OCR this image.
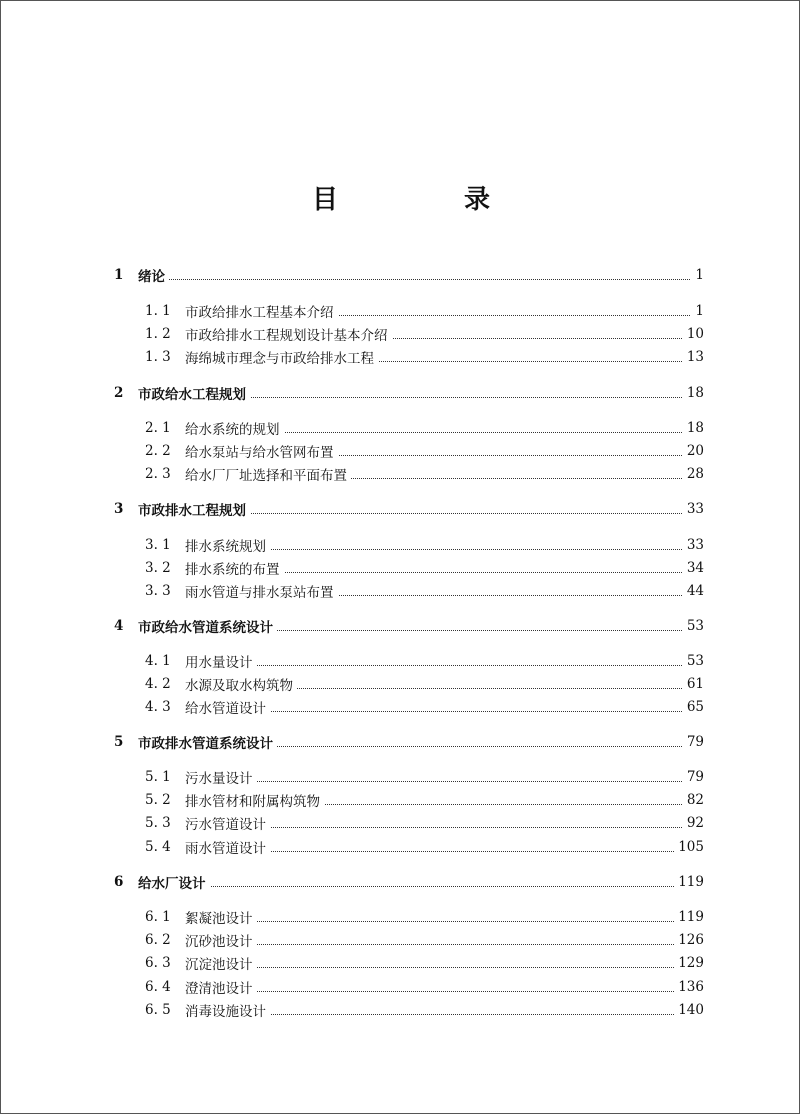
目　录
1 绪论	1
1. 1 市政给排水工程基本介绍	1
1. 2 市政给排水工程规划设计基本介绍	10
1. 3 海绵城市理念与市政给排水工程	13
2 市政给水工程规划	18
2. 1 给水系统的规划	18
2. 2 给水泵站与给水管网布置	20
2. 3 给水厂厂址选择和平面布置	28
3 市政排水工程规划	33
3. 1 排水系统规划	33
3. 2 排水系统的布置	34
3. 3 雨水管道与排水泵站布置	44
4 市政给水管道系统设计	53
4. 1 用水量设计	53
4. 2 水源及取水构筑物	61
4. 3 给水管道设计	65
5 市政排水管道系统设计	79
5. 1 污水量设计	79
5. 2 排水管材和附属构筑物	82
5. 3 污水管道设计	92
5. 4 雨水管道设计	105
6 给水厂设计	119
6. 1 絮凝池设计	119
6. 2 沉砂池设计	126
6. 3 沉淀池设计	129
6. 4 澄清池设计	136
6. 5 消毒设施设计	140
